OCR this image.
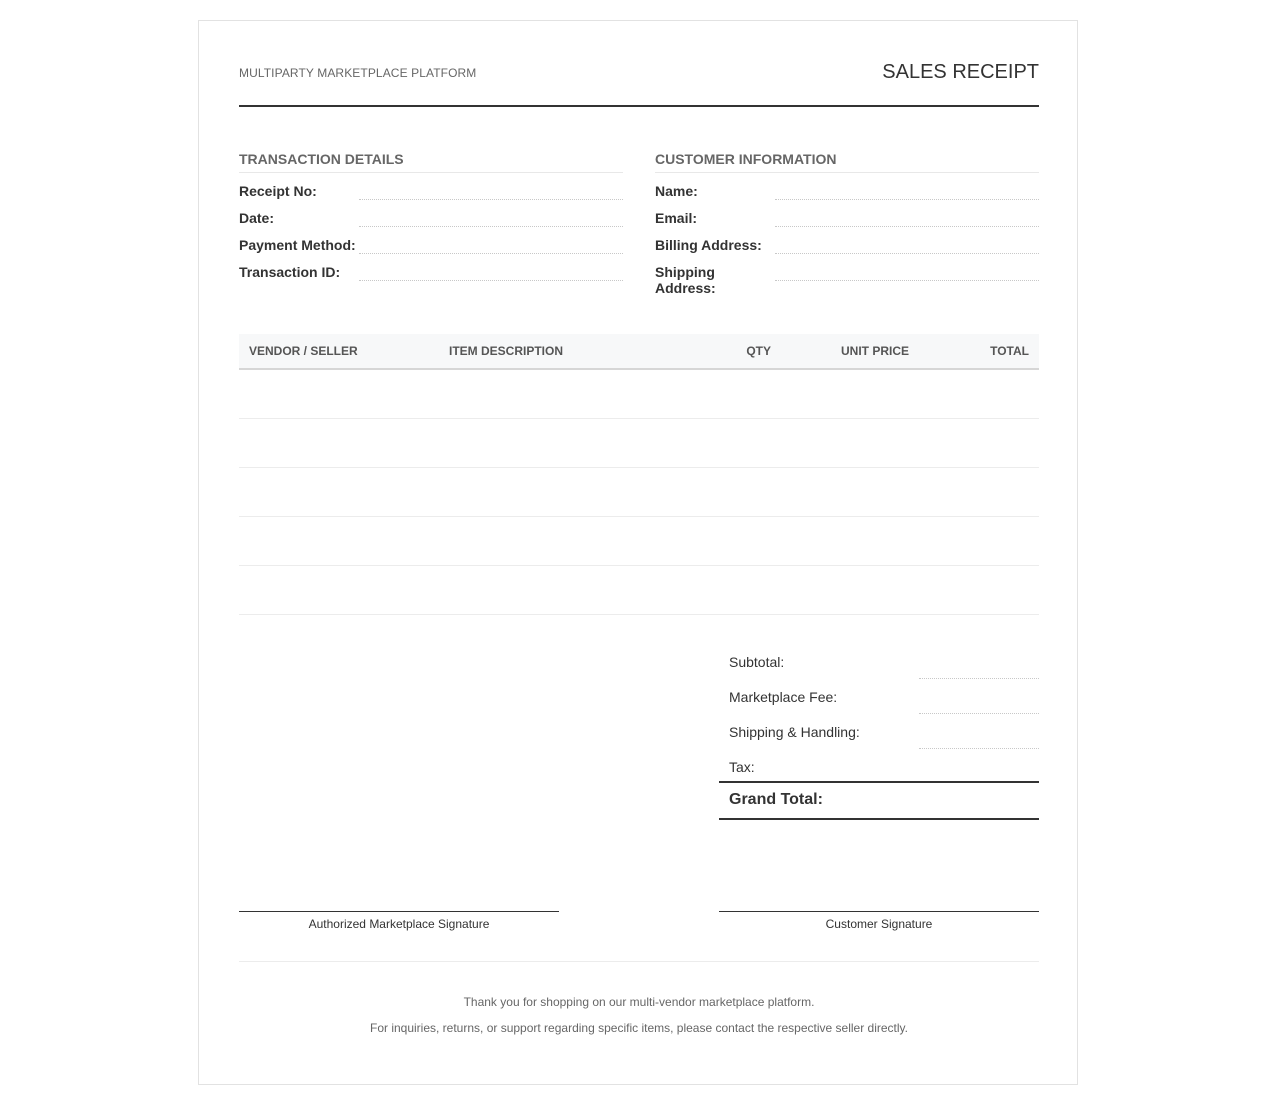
MULTIPARTY MARKETPLACE PLATFORM	SALES RECEIPT
TRANSACTION DETAILS
Receipt No:
Date:
Payment Method:
Transaction ID:
CUSTOMER INFORMATION
Name:
Email:
Billing Address:
Shipping Address:
VENDOR / SELLER	ITEM DESCRIPTION	QTY	UNIT PRICE	TOTAL
Subtotal:
Marketplace Fee:
Shipping & Handling:
Tax:
Grand Total:
Authorized Marketplace Signature	Customer Signature
Thank you for shopping on our multi-vendor marketplace platform.
For inquiries, returns, or support regarding specific items, please contact the respective seller directly.
